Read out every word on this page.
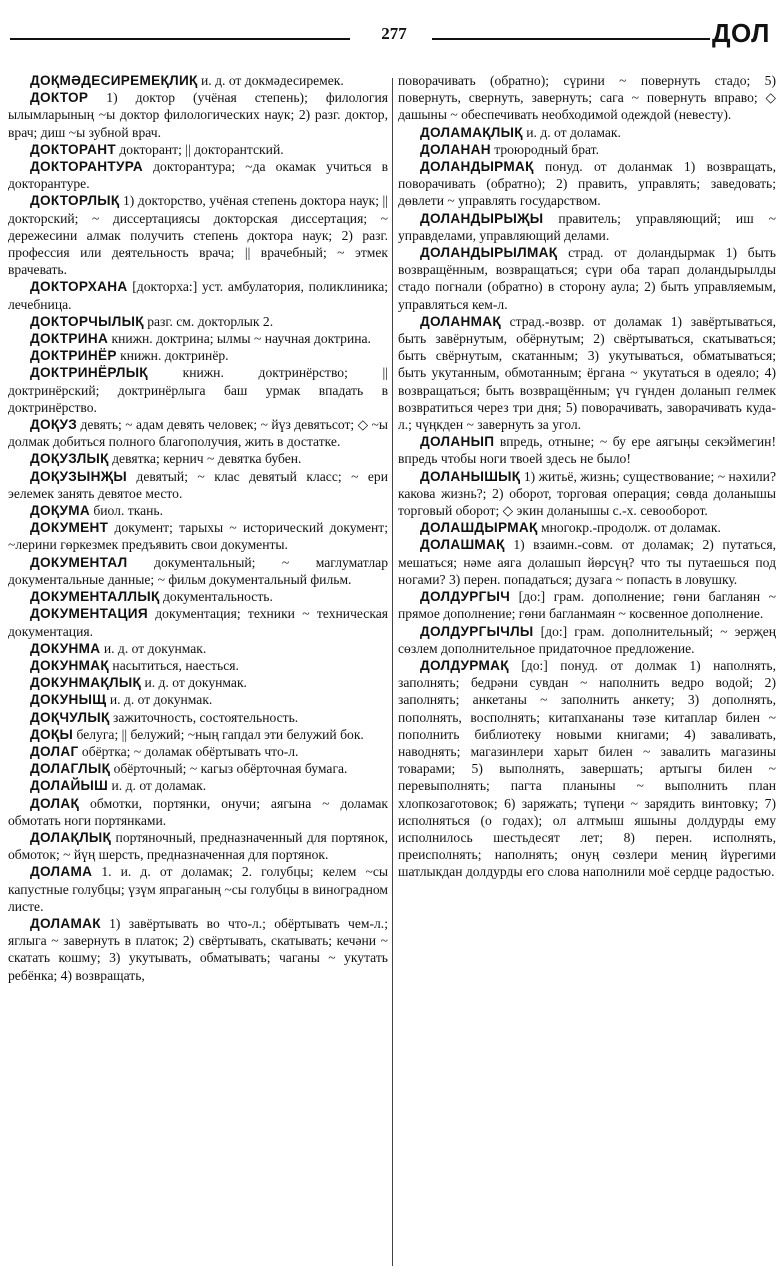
277	ДОЛ

ДОҚМӘДЕСИРЕМЕҚЛИҚ и. д. от докмәдесиремек.

ДОКТОР 1) доктор (учёная степень); филология ылымларының ~ы доктор филологических наук; 2) разг. доктор, врач; диш ~ы зубной врач.

ДОКТОРАНТ докторант; || докторантский.

ДОКТОРАНТУРА докторантура; ~да окамак учиться в докторантуре.

ДОКТОРЛЫҚ 1) докторство, учёная степень доктора наук; || докторский; ~ диссертациясы докторская диссертация; ~ дережесини алмак получить степень доктора наук; 2) разг. профессия или деятельность врача; || врачебный; ~ этмек врачевать.

ДОКТОРХАНА [докторха:] уст. амбулатория, поликлиника; лечебница.

ДОКТОРЧЫЛЫҚ разг. см. докторлык 2.

ДОКТРИНА книжн. доктрина; ылмы ~ научная доктрина.

ДОКТРИНЁР книжн. доктринёр.

ДОКТРИНЁРЛЫҚ	книжн. доктринёрство; || доктринёрский; доктринёрлыга баш урмак впадать в доктринёрство.

ДОҚУЗ девять; ~ адам девять человек; ~ йүз девятьсот; ◇ ~ы долмак добиться полного благополучия, жить в достатке.

ДОҚУЗЛЫҚ девятка; кернич ~ девятка бубен.

ДОҚУЗЫНҖЫ девятый; ~ клас девятый класс; ~ ери эелемек занять девятое место.

ДОҚУМА биол. ткань.

ДОКУМЕНТ документ; тарыхы ~ исторический документ; ~лерини гөркезмек предъявить свои документы.

ДОКУМЕНТАЛ документальный; ~ маглуматлар документальные данные; ~ фильм документальный фильм.

ДОКУМЕНТАЛЛЫҚ документальность.

ДОКУМЕНТАЦИЯ документация; техники ~ техническая документация.

ДОКУНМА и. д. от докунмак.

ДОКУНМАҚ насытиться, наесться.

ДОКУНМАҚЛЫҚ и. д. от докунмак.

ДОКУНЫЩ и. д. от докунмак.

ДОҚЧУЛЫҚ зажиточность, состоятельность.

ДОҚЫ белуга; || белужий; ~ның гапдал эти белужий бок.

ДОЛАГ обёртка; ~ доламак обёртывать что-л.

ДОЛАГЛЫҚ обёрточный; ~ кагыз обёрточная бумага.

ДОЛАЙЫШ и. д. от доламак.

ДОЛАҚ обмотки, портянки, онучи; аягына ~ доламак обмотать ноги портянками.

ДОЛАҚЛЫҚ портяночный, предназначенный для портянок, обмоток; ~ йүң шерсть, предназначенная для портянок.

ДОЛАМА 1. и. д. от доламак; 2. голубцы; келем ~сы капустные голубцы; үзүм япраганың ~сы голубцы в виноградном листе.

ДОЛАМАК 1) завёртывать во что-л.; обёртывать чем-л.; яглыга ~ завернуть в платок; 2) свёртывать, скатывать; кечәни ~ скатать кошму; 3) укутывать, обматывать; чаганы ~ укутать ребёнка; 4) возвращать,

поворачивать (обратно); сүрини ~ повернуть стадо; 5) повернуть, свернуть, завернуть; сага ~ повернуть вправо; ◇ дашыны ~ обеспечивать необходимой одеждой (невесту).

ДОЛАМАҚЛЫҚ и. д. от доламак.

ДОЛАНАН троюродный брат.

ДОЛАНДЫРМАҚ понуд. от доланмак 1) возвращать, поворачивать (обратно); 2) править, управлять; заведовать; дөвлети ~ управлять государством.

ДОЛАНДЫРЫҖЫ правитель; управляющий; иш ~ управделами, управляющий делами.

ДОЛАНДЫРЫЛМАҚ страд. от доландырмак 1) быть возвращённым, возвращаться; сүри оба тарап доландырылды стадо погнали (обратно) в сторону аула; 2) быть управляемым, управляться кем-л.

ДОЛАНМАҚ страд.-возвр. от доламак 1) завёртываться, быть завёрнутым, обёрнутым; 2) свёртываться, скатываться; быть свёрнутым, скатанным; 3) укутываться, обматываться; быть укутанным, обмотанным; ёргана ~ укутаться в одеяло; 4) возвращаться; быть возвращённым; үч гүнден доланып гелмек возвратиться через три дня; 5) поворачивать, заворачивать куда-л.; чүңкден ~ завернуть за угол.

ДОЛАНЫП впредь, отныне; ~ бу ере аягыңы секэймегин! впредь чтобы ноги твоей здесь не было!

ДОЛАНЫШЫҚ 1) житьё, жизнь; существование; ~ нәхили? какова жизнь?; 2) оборот, торговая операция; сөвда доланышы торговый оборот; ◇ экин доланышы с.-х. севооборот.

ДОЛАШДЫРМАҚ многокр.-продолж. от доламак.

ДОЛАШМАҚ 1) взаимн.-совм. от доламак; 2) путаться, мешаться; нәме аяга долашып йөрсүң? что ты путаешься под ногами? 3) перен. попадаться; дузага ~ попасть в ловушку.

ДОЛДУРГЫЧ [до:] грам. дополнение; гөни багланян ~ прямое дополнение; гөни багланмаян ~ косвенное дополнение.

ДОЛДУРГЫЧЛЫ [до:] грам. дополнительный; ~ эерҗең сөзлем дополнительное придаточное предложение.

ДОЛДУРМАҚ [до:] понуд. от долмак 1) наполнять, заполнять; бедрәни сувдан ~ наполнить ведро водой; 2) заполнять; анкетаны ~ заполнить анкету; 3) дополнять, пополнять, восполнять; китапхананы тәзе китаплар билен ~ пополнить библиотеку новыми книгами; 4) заваливать, наводнять; магазинлери харыт билен ~ завалить магазины товарами; 5) выполнять, завершать; артыгы билен ~ перевыполнять; пагта планыны ~ выполнить план хлопкозаготовок; 6) заряжать; түпеңи ~ зарядить винтовку; 7) исполняться (о годах); ол алтмыш яшыны долдурды ему исполнилось шестьдесят лет; 8) перен. исполнять, преисполнять; наполнять; онуң сөзлери мениң йүрегими шатлыкдан долдурды его слова наполнили моё сердце радостью.
